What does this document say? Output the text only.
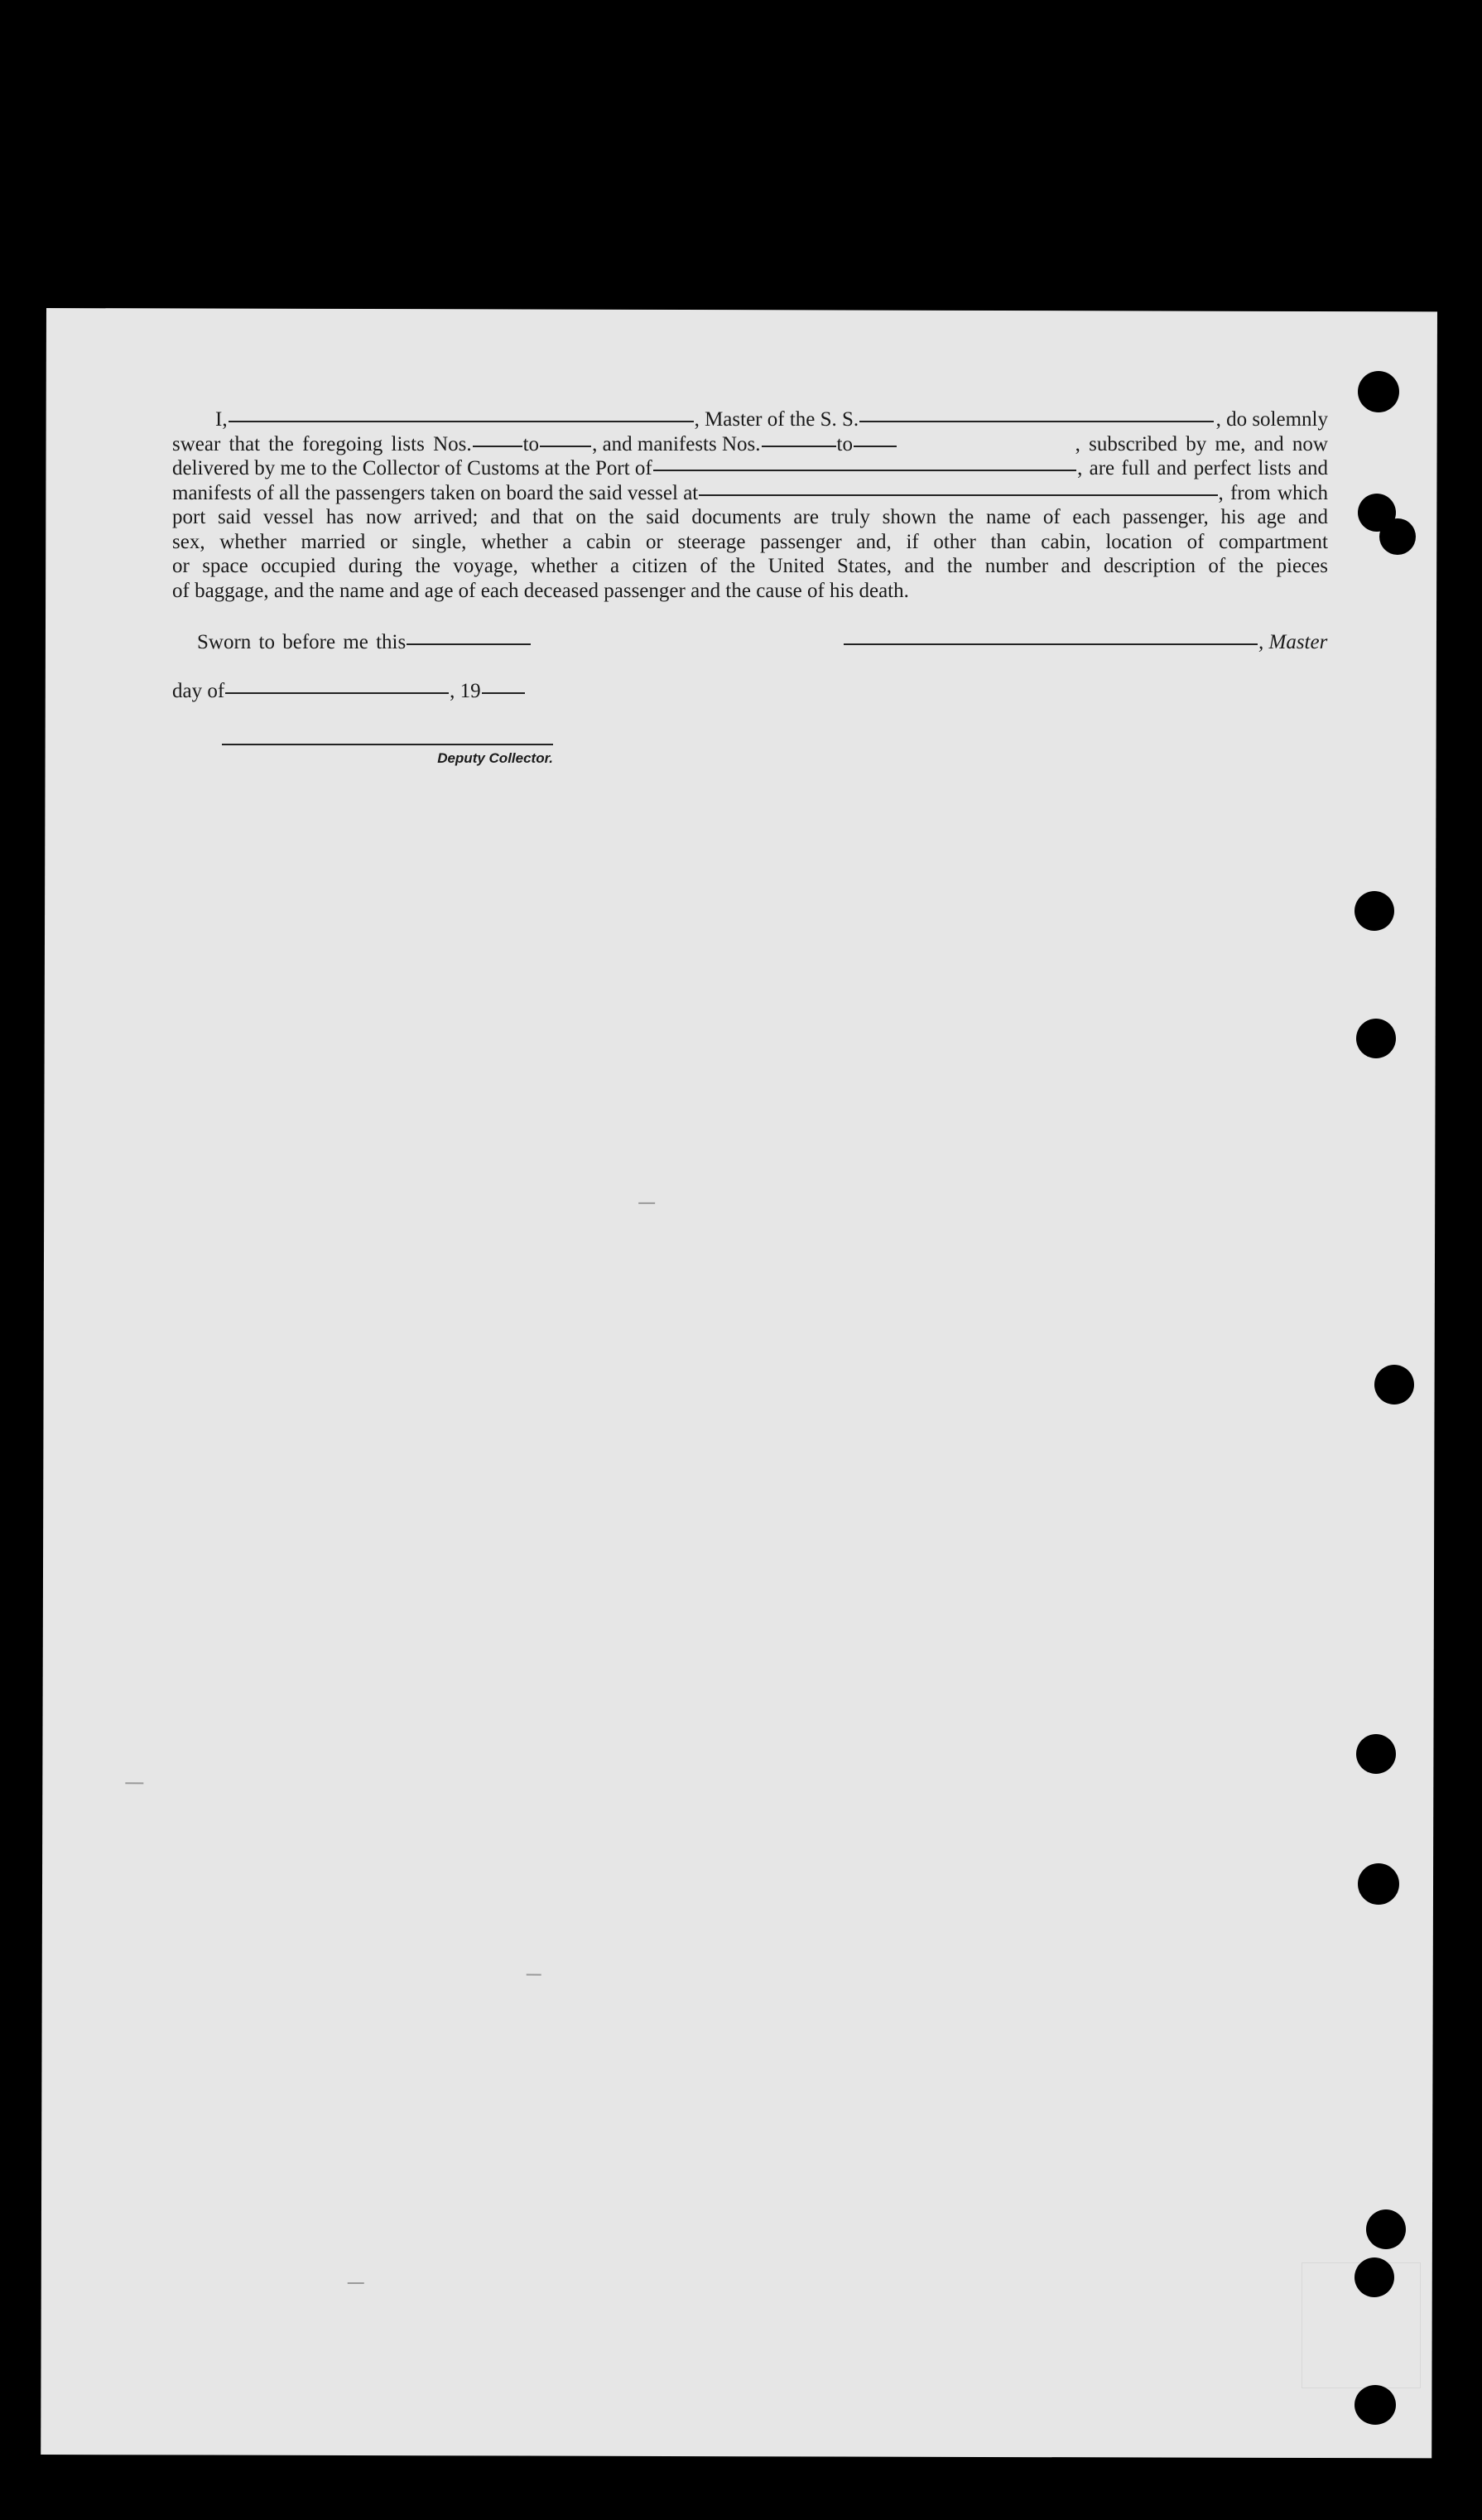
I,	, Master of the S. S.	, do solemnly
swear that the foregoing lists Nos. to	, and manifests Nos.	to	, subscribed by me, and now
delivered by me to the Collector of Customs at the Port of	, are full and perfect lists and
manifests of all the passengers taken on board the said vessel at	, from which
port said vessel has now arrived; and that on the said documents are truly shown the name of each passenger, his age and
sex, whether married or single, whether a cabin or steerage passenger and, if other than cabin, location of compartment
or space occupied during the voyage, whether a citizen of the United States, and the number and description of the pieces
of baggage, and the name and age of each deceased passenger and the cause of his death.
Sworn to before me this	, Master
day of	, 19
Deputy Collector.
